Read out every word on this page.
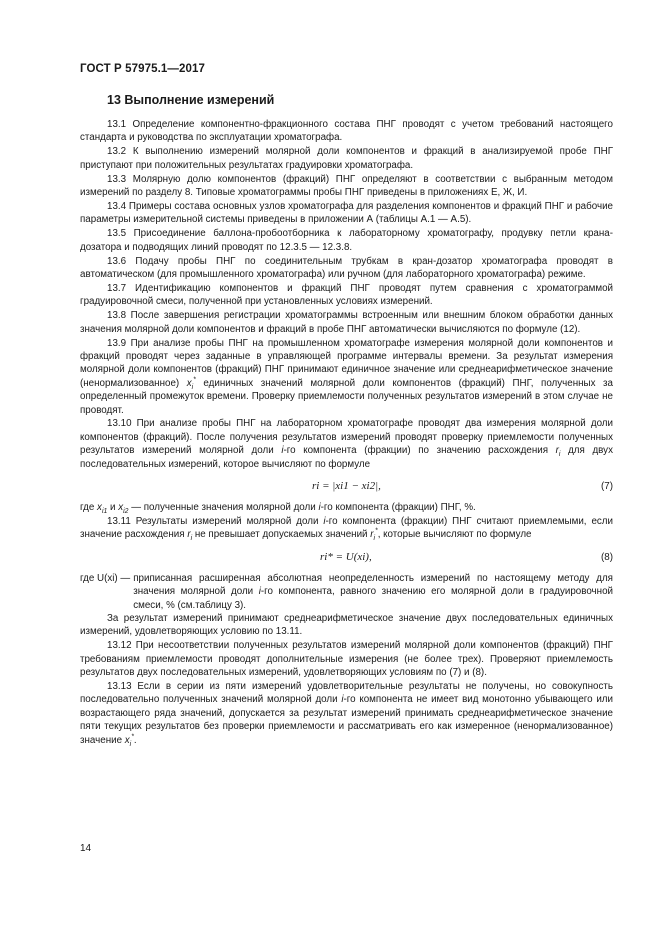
ГОСТ Р 57975.1—2017
13 Выполнение измерений

13.1 Определение компонентно-фракционного состава ПНГ проводят с учетом требований настоящего стандарта и руководства по эксплуатации хроматографа.

13.2 К выполнению измерений молярной доли компонентов и фракций в анализируемой пробе ПНГ приступают при положительных результатах градуировки хроматографа.

13.3 Молярную долю компонентов (фракций) ПНГ определяют в соответствии с выбранным методом измерений по разделу 8. Типовые хроматограммы пробы ПНГ приведены в приложениях Е, Ж, И.

13.4 Примеры состава основных узлов хроматографа для разделения компонентов и фракций ПНГ и рабочие параметры измерительной системы приведены в приложении А (таблицы А.1 — А.5).

13.5 Присоединение баллона-пробоотборника к лабораторному хроматографу, продувку петли крана-дозатора и подводящих линий проводят по 12.3.5 — 12.3.8.

13.6 Подачу пробы ПНГ по соединительным трубкам в кран-дозатор хроматографа проводят в автоматическом (для промышленного хроматографа) или ручном (для лабораторного хроматографа) режиме.

13.7 Идентификацию компонентов и фракций ПНГ проводят путем сравнения с хроматограммой градуировочной смеси, полученной при установленных условиях измерений.

13.8 После завершения регистрации хроматограммы встроенным или внешним блоком обработки данных значения молярной доли компонентов и фракций в пробе ПНГ автоматически вычисляются по формуле (12).

13.9 При анализе пробы ПНГ на промышленном хроматографе измерения молярной доли компонентов и фракций проводят через заданные в управляющей программе интервалы времени. За результат измерения молярной доли компонентов (фракций) ПНГ принимают единичное значение или среднеарифметическое значение (ненормализованное) $x_i^*$ единичных значений молярной доли компонентов (фракций) ПНГ, полученных за определенный промежуток времени. Проверку приемлемости полученных результатов измерений в этом случае не проводят.

13.10 При анализе пробы ПНГ на лабораторном хроматографе проводят два измерения молярной доли компонентов (фракций). После получения результатов измерений проводят проверку приемлемости полученных результатов измерений молярной доли i-го компонента (фракции) по значению расхождения $r_i$ для двух последовательных измерений, которое вычисляют по формуле

ri = |xi1 − xi2|,	(7)

где $x_{i1}$ и $x_{i2}$ — полученные значения молярной доли i-го компонента (фракции) ПНГ, %.

13.11 Результаты измерений молярной доли i-го компонента (фракции) ПНГ считают приемлемыми, если значение расхождения $r_i$ не превышает допускаемых значений $r_i^*$, которые вычисляют по формуле

ri* = U(xi),	(8)
где U(xi) — приписанная расширенная абсолютная неопределенность измерений по настоящему методу для значения молярной доли i-го компонента, равного значению его молярной доли в градуировочной смеси, % (см.таблицу 3).

За результат измерений принимают среднеарифметическое значение двух последовательных единичных измерений, удовлетворяющих условию по 13.11.

13.12 При несоответствии полученных результатов измерений молярной доли компонентов (фракций) ПНГ требованиям приемлемости проводят дополнительные измерения (не более трех). Проверяют приемлемость результатов двух последовательных измерений, удовлетворяющих условиям по (7) и (8).

13.13 Если в серии из пяти измерений удовлетворительные результаты не получены, но совокупность последовательно полученных значений молярной доли i-го компонента не имеет вид монотонно убывающего или возрастающего ряда значений, допускается за результат измерений принимать среднеарифметическое значение пяти текущих результатов без проверки приемлемости и рассматривать его как измеренное (ненормализованное) значение $x_i^*$.

14
